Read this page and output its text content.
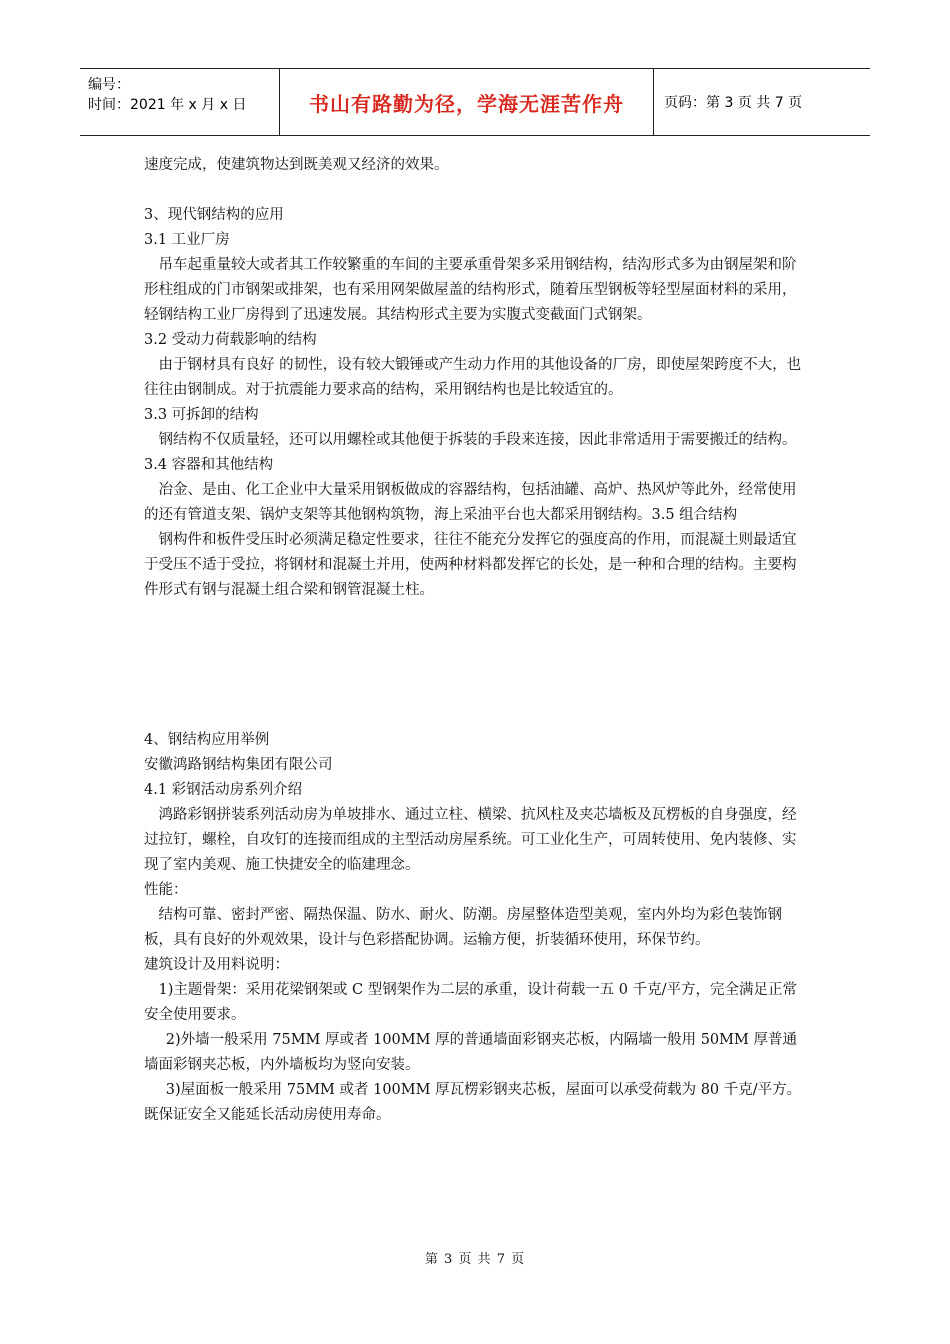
编号：
时间：2021 年 x 月 x 日	书山有路勤为径，学海无涯苦作舟	页码：第 3 页 共 7 页

速度完成，使建筑物达到既美观又经济的效果。

3、现代钢结构的应用

3.1 工业厂房

吊车起重量较大或者其工作较繁重的车间的主要承重骨架多采用钢结构，结沟形式多为由钢屋架和阶形柱组成的门市钢架或排架，也有采用网架做屋盖的结构形式，随着压型钢板等轻型屋面材料的采用，轻钢结构工业厂房得到了迅速发展。其结构形式主要为实腹式变截面门式钢架。

3.2 受动力荷载影响的结构

由于钢材具有良好 的韧性，设有较大锻锤或产生动力作用的其他设备的厂房，即使屋架跨度不大，也往往由钢制成。对于抗震能力要求高的结构，采用钢结构也是比较适宜的。

3.3 可拆卸的结构

钢结构不仅质量轻，还可以用螺栓或其他便于拆装的手段来连接，因此非常适用于需要搬迁的结构。

3.4 容器和其他结构

冶金、是由、化工企业中大量采用钢板做成的容器结构，包括油罐、高炉、热风炉等此外，经常使用的还有管道支架、锅炉支架等其他钢构筑物，海上采油平台也大都采用钢结构。3.5 组合结构

钢构件和板件受压时必须满足稳定性要求，往往不能充分发挥它的强度高的作用，而混凝土则最适宜于受压不适于受拉，将钢材和混凝土并用，使两种材料都发挥它的长处，是一种和合理的结构。主要构件形式有钢与混凝土组合梁和钢管混凝土柱。

4、钢结构应用举例

安徽鸿路钢结构集团有限公司

4.1 彩钢活动房系列介绍

鸿路彩钢拼装系列活动房为单坡排水、通过立柱、横梁、抗风柱及夹芯墙板及瓦楞板的自身强度，经过拉钉，螺栓，自攻钉的连接而组成的主型活动房屋系统。可工业化生产，可周转使用、免内装修、实现了室内美观、施工快捷安全的临建理念。

性能：

结构可靠、密封严密、隔热保温、防水、耐火、防潮。房屋整体造型美观，室内外均为彩色装饰钢板，具有良好的外观效果，设计与色彩搭配协调。运输方便，折装循环使用，环保节约。

建筑设计及用料说明：

1)主题骨架：采用花梁钢架或 C 型钢架作为二层的承重，设计荷载一五 0 千克/平方，完全满足正常安全使用要求。

2)外墙一般采用 75MM 厚或者 100MM 厚的普通墙面彩钢夹芯板，内隔墙一般用 50MM 厚普通墙面彩钢夹芯板，内外墙板均为竖向安装。

3)屋面板一般采用 75MM 或者 100MM 厚瓦楞彩钢夹芯板，屋面可以承受荷载为 80 千克/平方。既保证安全又能延长活动房使用寿命。

第 3 页 共 7 页
